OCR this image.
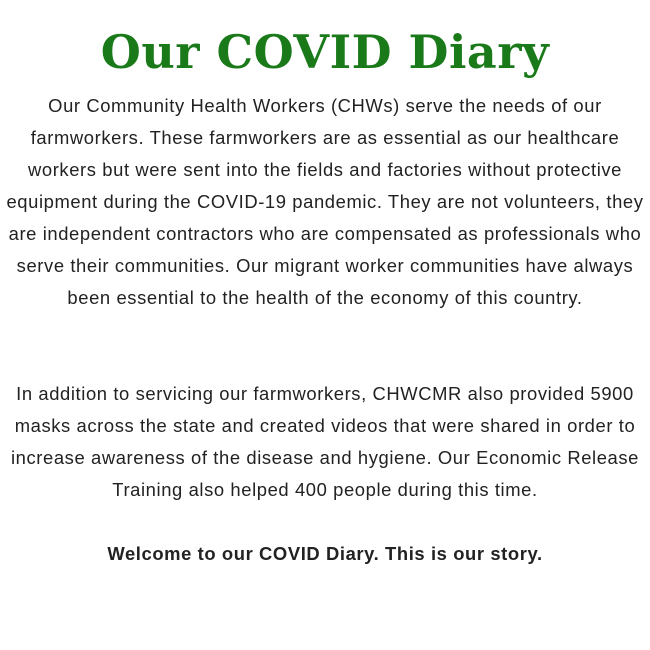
Our COVID Diary

Our Community Health Workers (CHWs) serve the needs of our farmworkers. These farmworkers are as essential as our healthcare workers but were sent into the fields and factories without protective equipment during the COVID-19 pandemic. They are not volunteers, they are independent contractors who are compensated as professionals who serve their communities. Our migrant worker communities have always been essential to the health of the economy of this country.

In addition to servicing our farmworkers, CHWCMR also provided 5900 masks across the state and created videos that were shared in order to increase awareness of the disease and hygiene. Our Economic Release Training also helped 400 people during this time.

Welcome to our COVID Diary. This is our story.
